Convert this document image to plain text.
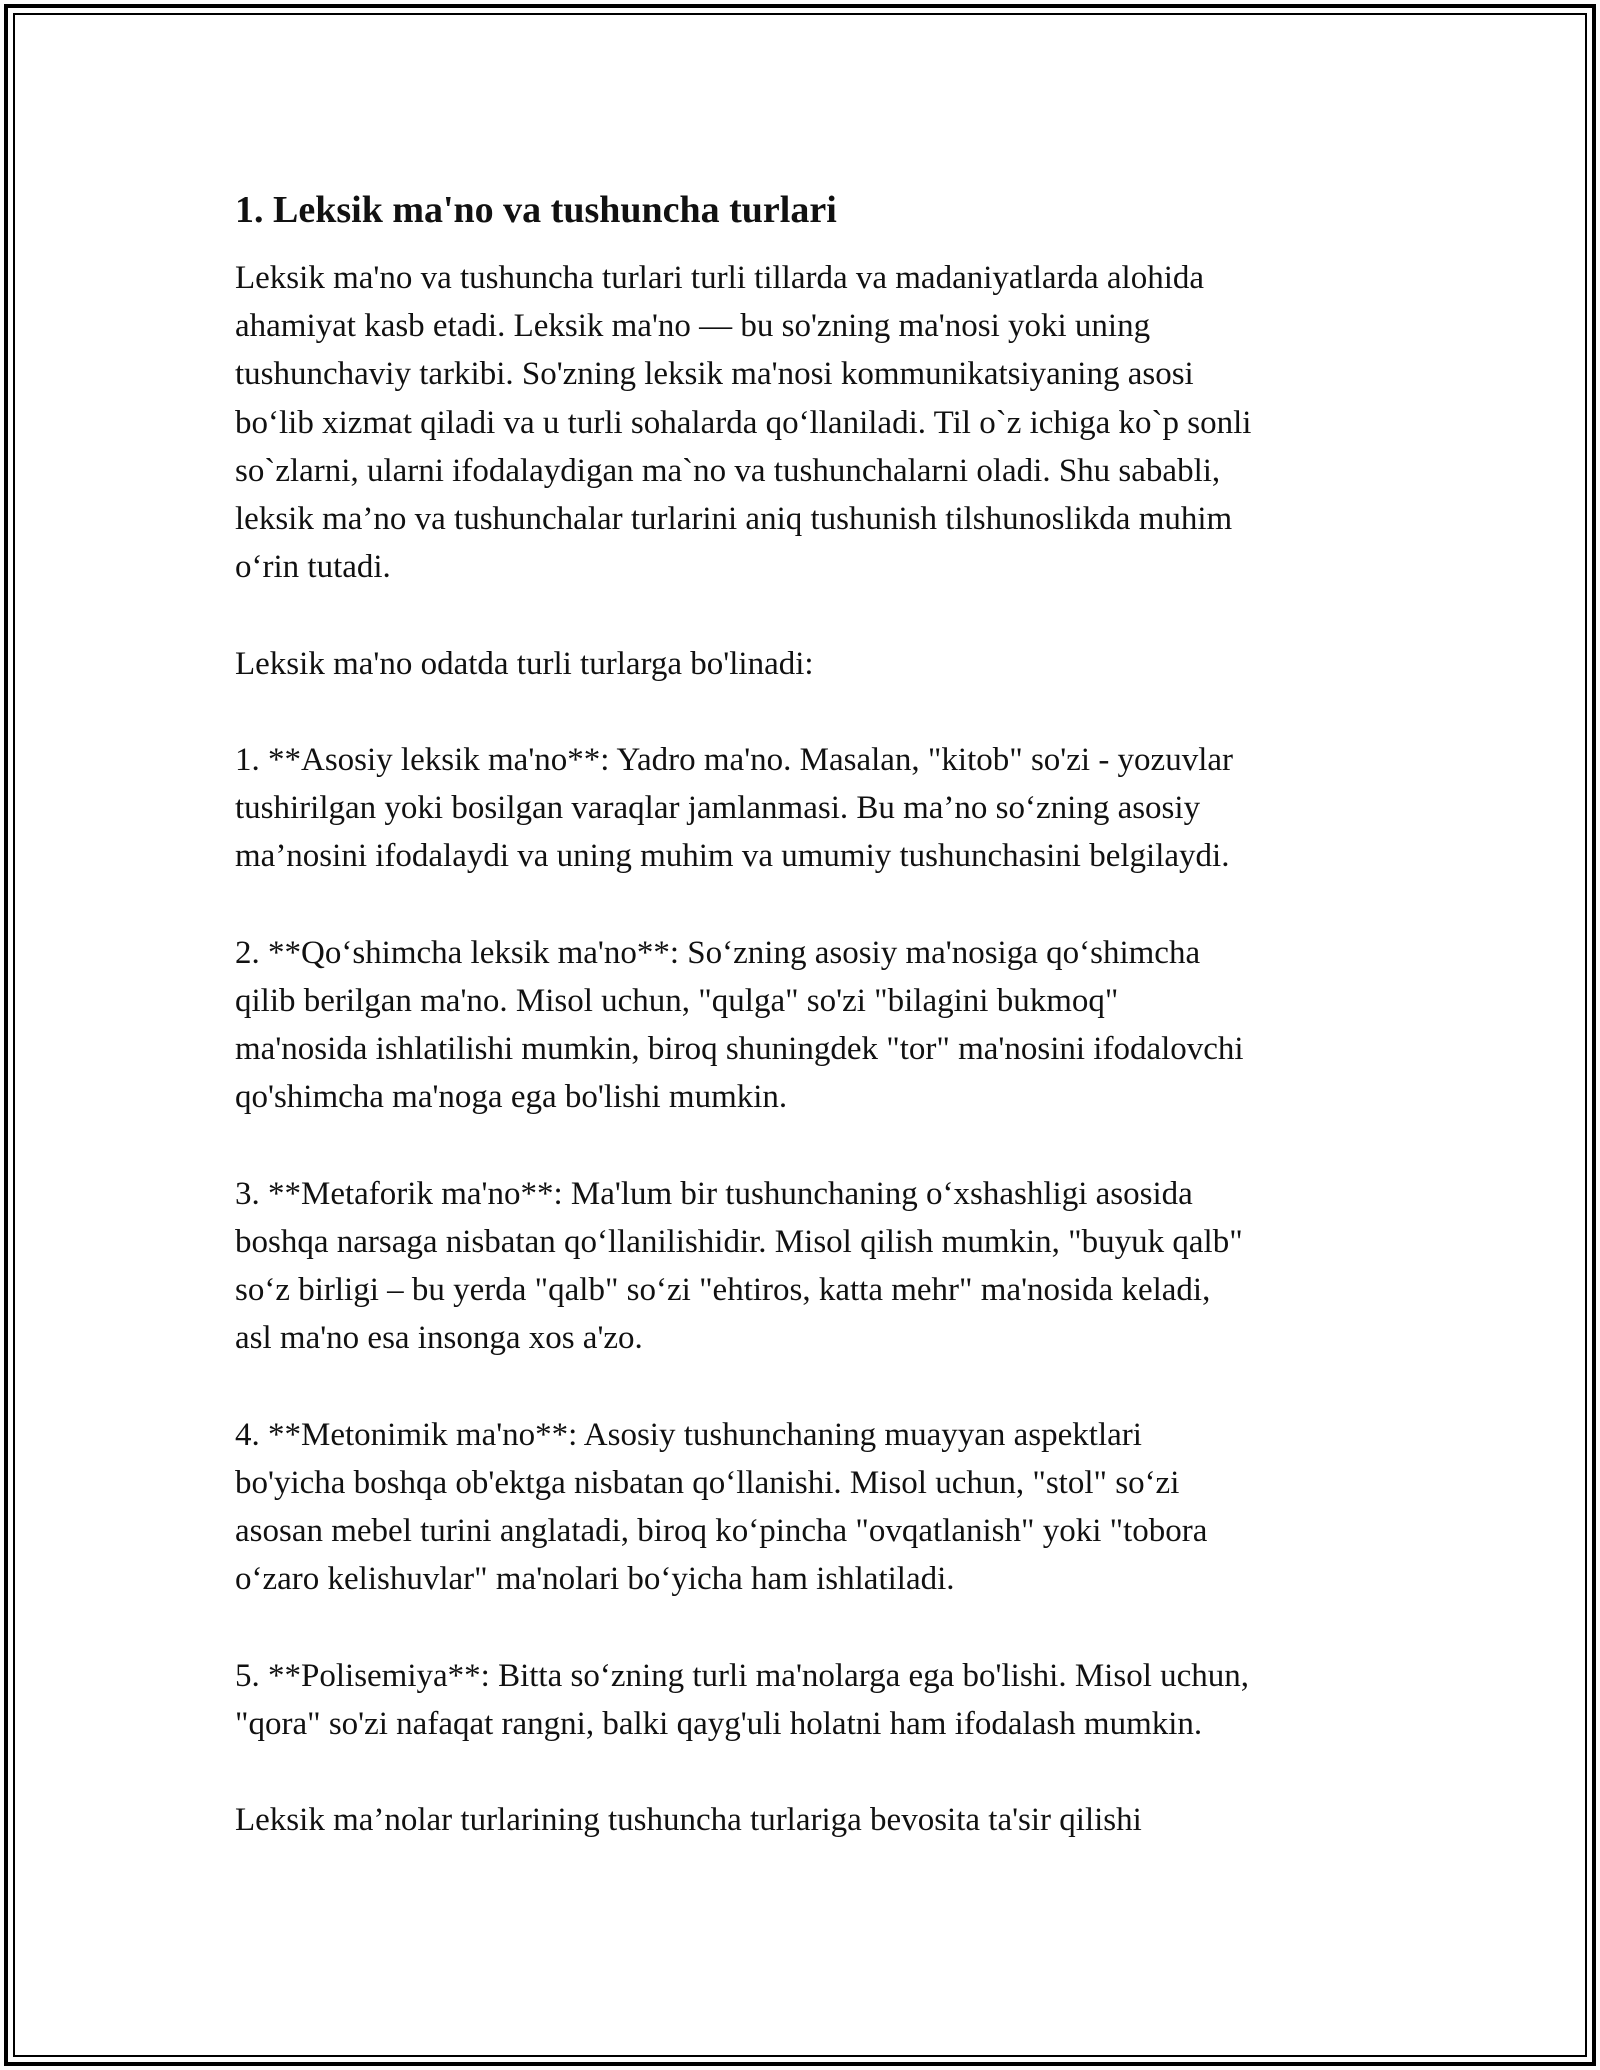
1. Leksik ma'no va tushuncha turlari

Leksik ma'no va tushuncha turlari turli tillarda va madaniyatlarda alohida
ahamiyat kasb etadi. Leksik ma'no — bu so'zning ma'nosi yoki uning
tushunchaviy tarkibi. So'zning leksik ma'nosi kommunikatsiyaning asosi
bo‘lib xizmat qiladi va u turli sohalarda qo‘llaniladi. Til o`z ichiga ko`p sonli
so`zlarni, ularni ifodalaydigan ma`no va tushunchalarni oladi. Shu sababli,
leksik ma’no va tushunchalar turlarini aniq tushunish tilshunoslikda muhim
o‘rin tutadi.

Leksik ma'no odatda turli turlarga bo'linadi:

1. **Asosiy leksik ma'no**: Yadro ma'no. Masalan, "kitob" so'zi - yozuvlar
tushirilgan yoki bosilgan varaqlar jamlanmasi. Bu ma’no so‘zning asosiy
ma’nosini ifodalaydi va uning muhim va umumiy tushunchasini belgilaydi.

2. **Qo‘shimcha leksik ma'no**: So‘zning asosiy ma'nosiga qo‘shimcha
qilib berilgan ma'no. Misol uchun, "qulga" so'zi "bilagini bukmoq"
ma'nosida ishlatilishi mumkin, biroq shuningdek "tor" ma'nosini ifodalovchi
qo'shimcha ma'noga ega bo'lishi mumkin.

3. **Metaforik ma'no**: Ma'lum bir tushunchaning o‘xshashligi asosida
boshqa narsaga nisbatan qo‘llanilishidir. Misol qilish mumkin, "buyuk qalb"
so‘z birligi – bu yerda "qalb" so‘zi "ehtiros, katta mehr" ma'nosida keladi,
asl ma'no esa insonga xos a'zo.

4. **Metonimik ma'no**: Asosiy tushunchaning muayyan aspektlari
bo'yicha boshqa ob'ektga nisbatan qo‘llanishi. Misol uchun, "stol" so‘zi
asosan mebel turini anglatadi, biroq ko‘pincha "ovqatlanish" yoki "tobora
o‘zaro kelishuvlar" ma'nolari bo‘yicha ham ishlatiladi.

5. **Polisemiya**: Bitta so‘zning turli ma'nolarga ega bo'lishi. Misol uchun,
"qora" so'zi nafaqat rangni, balki qayg'uli holatni ham ifodalash mumkin.

Leksik ma’nolar turlarining tushuncha turlariga bevosita ta'sir qilishi
